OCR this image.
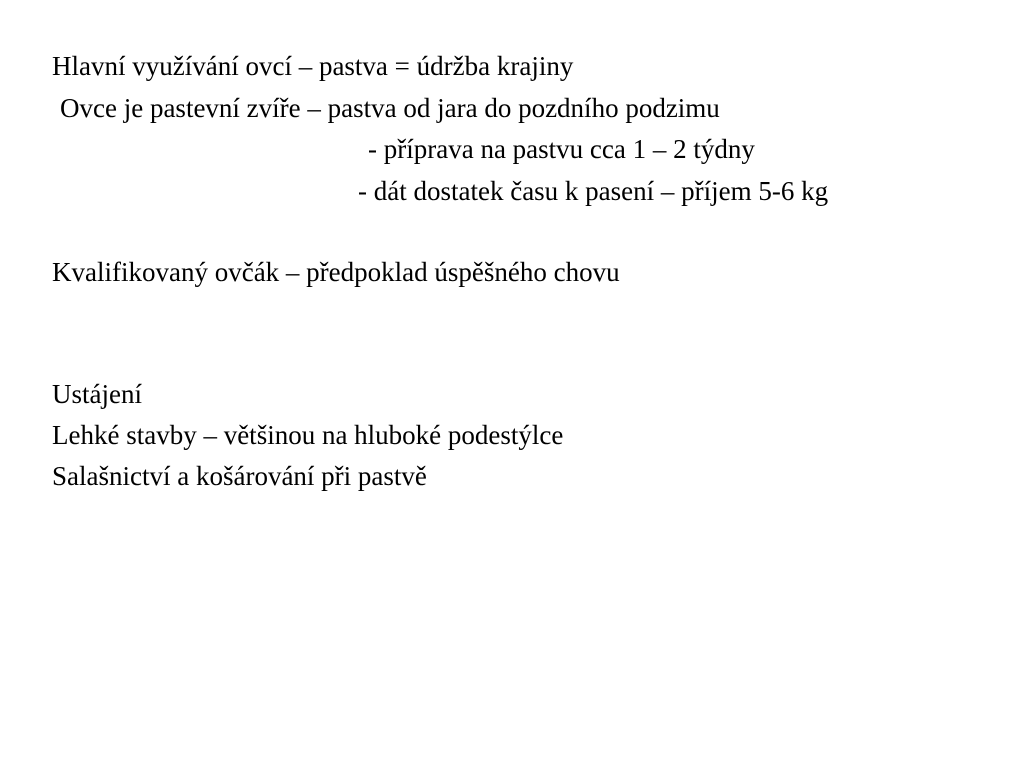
Hlavní využívání ovcí – pastva = údržba krajiny

Ovce je pastevní zvíře – pastva od jara do pozdního podzimu

- příprava na pastvu cca 1 – 2 týdny

- dát dostatek času k pasení – příjem 5-6 kg

Kvalifikovaný ovčák – předpoklad úspěšného chovu

Ustájení

Lehké stavby – většinou na hluboké podestýlce

Salašnictví a košárování při pastvě
